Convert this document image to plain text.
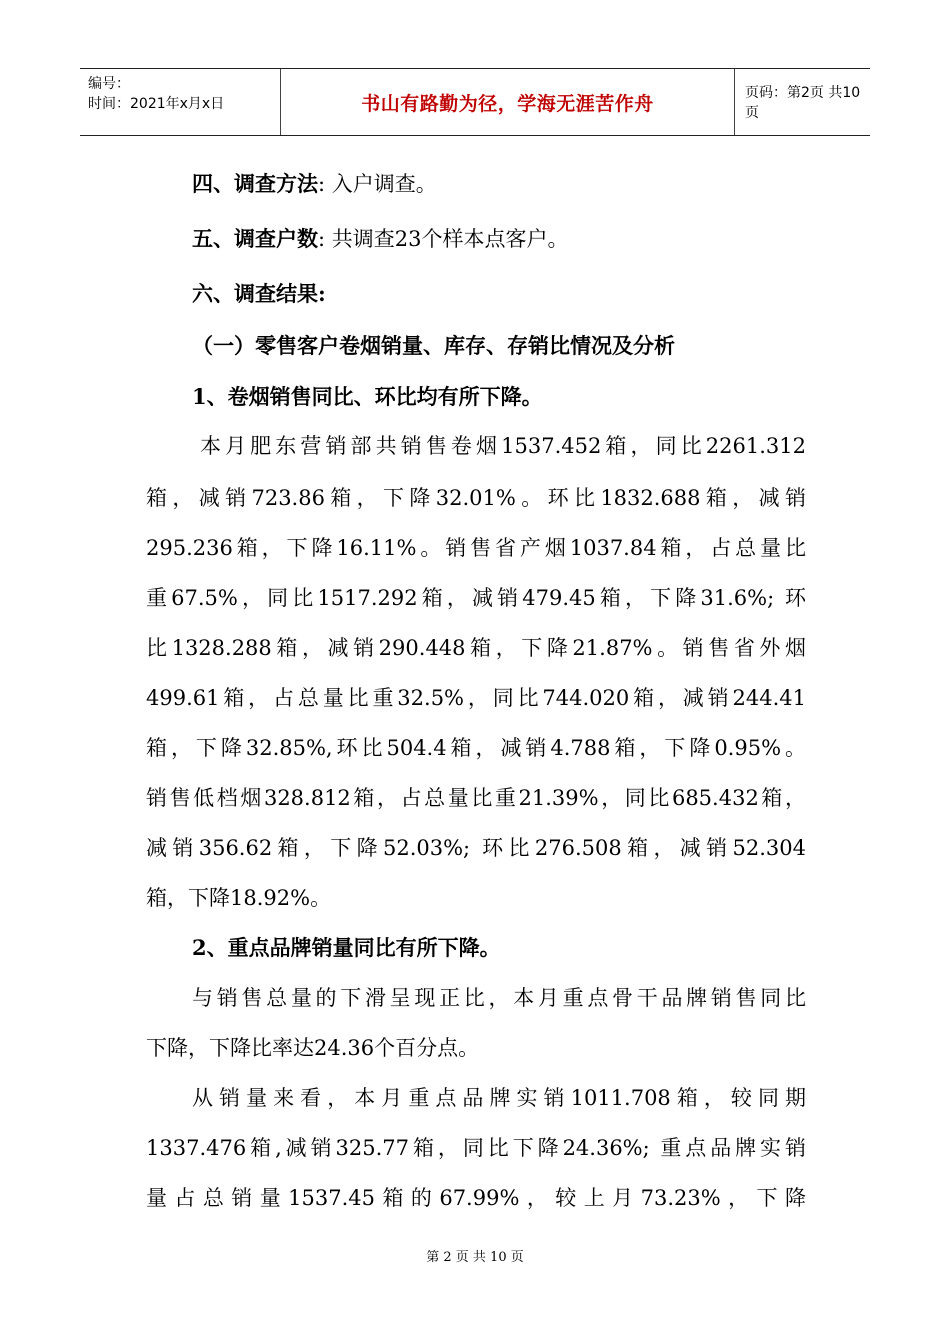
编号：
时间：2021年x月x日	书山有路勤为径，学海无涯苦作舟	页码：第2页 共10页
四、调查方法: 入户调查。
五、调查户数: 共调查23个样本点客户。
六、调查结果:
（一）零售客户卷烟销量、库存、存销比情况及分析
1、卷烟销售同比、环比均有所下降。
本月肥东营销部共销售卷烟1537.452箱，同比2261.312
箱，减销723.86箱，下降32.01%。环比1832.688箱，减销
295.236箱，下降16.11%。销售省产烟1037.84箱，占总量比
重67.5%，同比1517.292箱，减销479.45箱，下降31.6%; 环
比1328.288箱，减销290.448箱，下降21.87%。销售省外烟
499.61箱，占总量比重32.5%，同比744.020箱，减销244.41
箱，下降32.85%,环比504.4箱，减销4.788箱，下降0.95%。
销售低档烟328.812箱，占总量比重21.39%，同比685.432箱，
减销356.62箱，下降52.03%; 环比276.508箱，减销52.304
箱，下降18.92%。
2、重点品牌销量同比有所下降。
与销售总量的下滑呈现正比，本月重点骨干品牌销售同比
下降，下降比率达24.36个百分点。
从销量来看，本月重点品牌实销1011.708箱，较同期
1337.476箱,减销325.77箱，同比下降24.36%; 重点品牌实销
量占总销量1537.45箱的67.99%，较上月73.23%，下降
第 2 页 共 10 页
